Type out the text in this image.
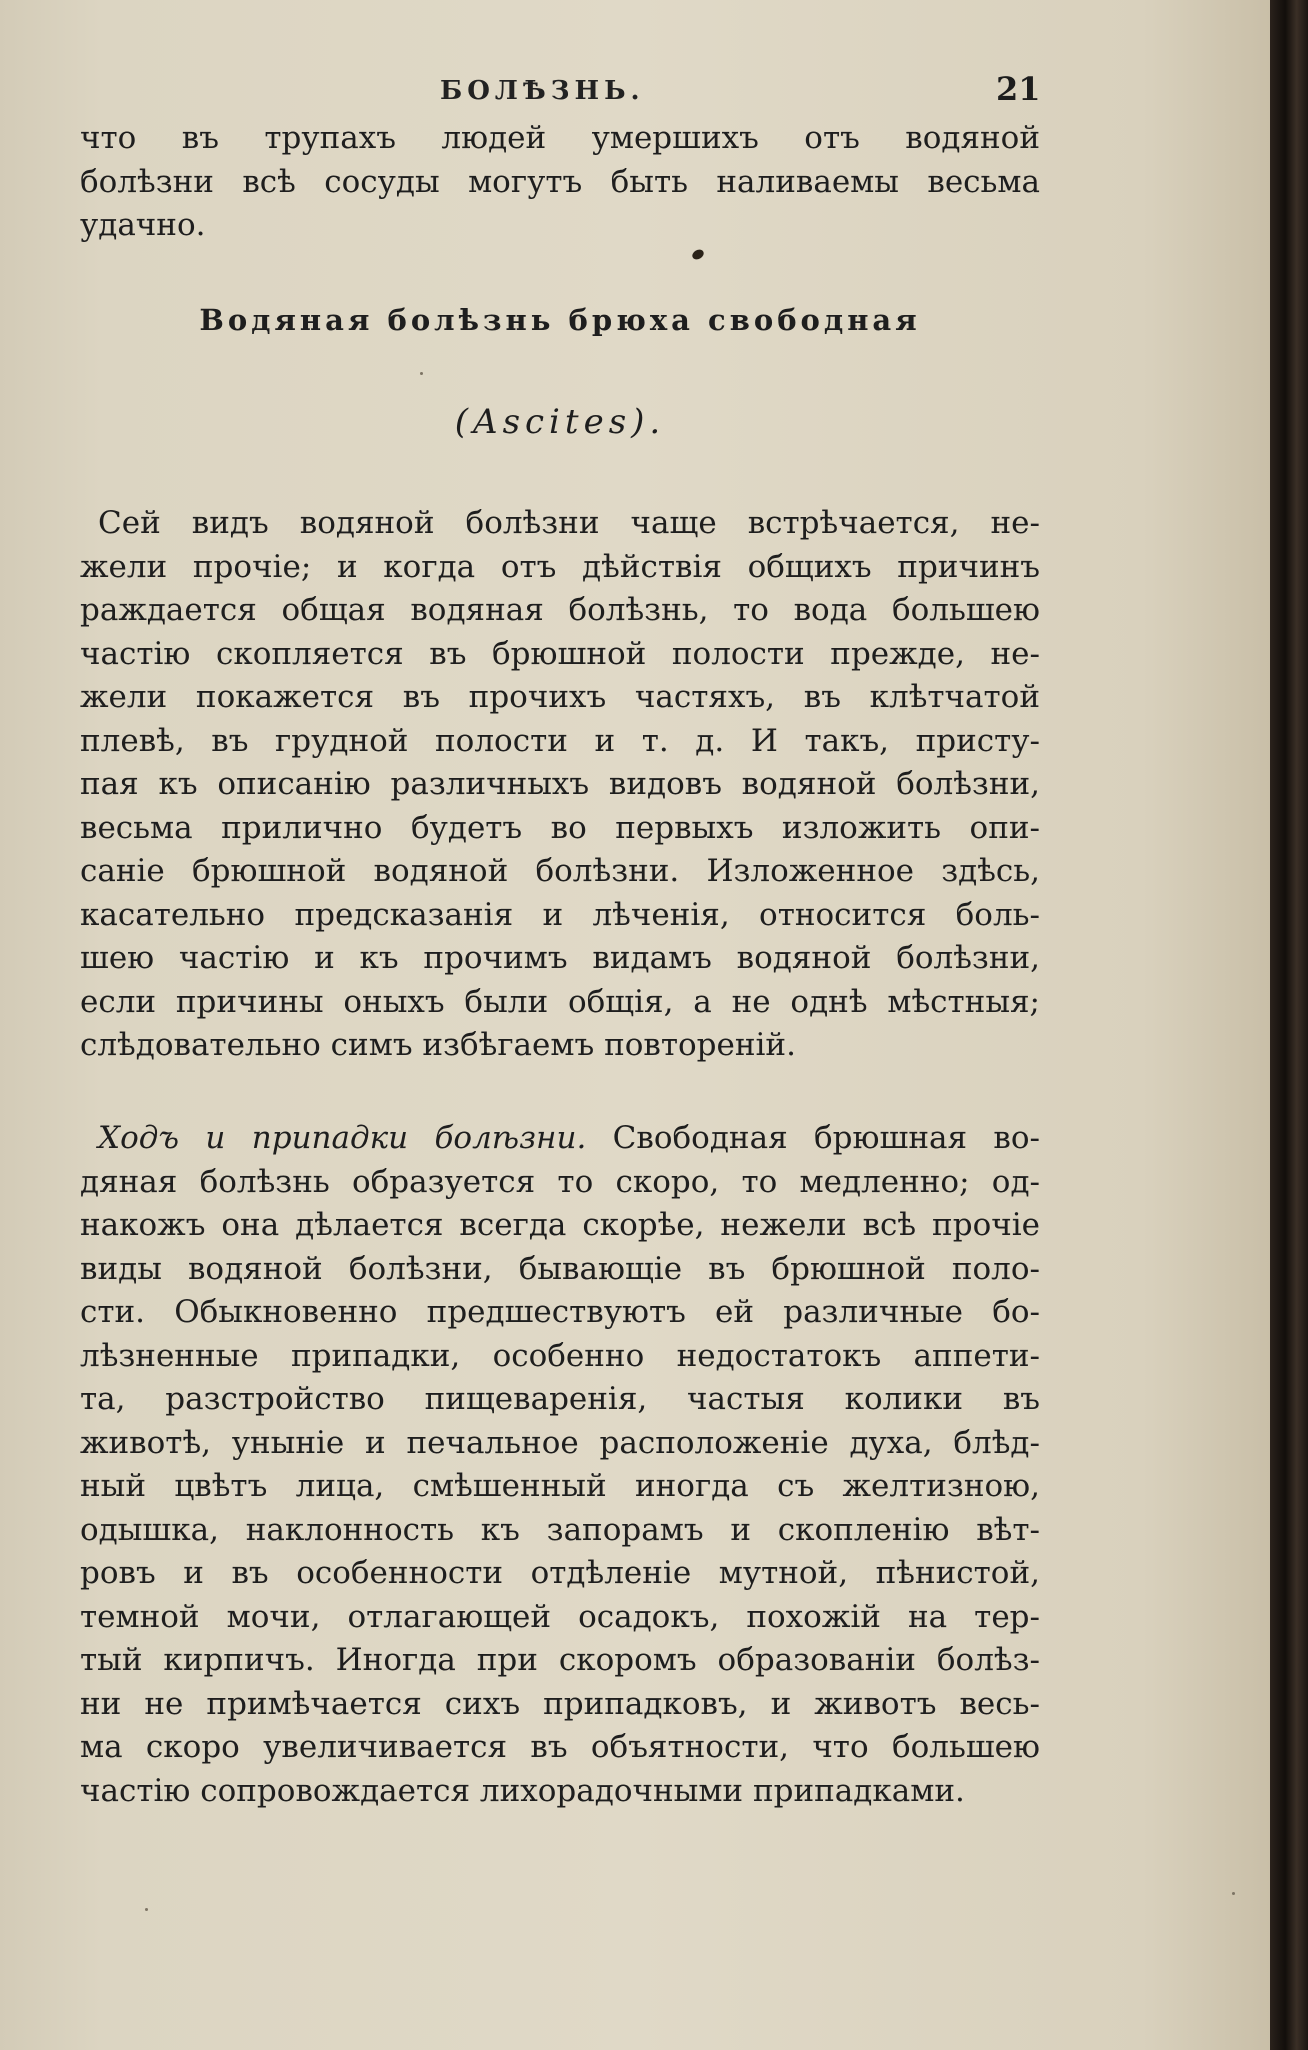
БОЛѢЗНЬ.	21
что въ трупахъ людей умершихъ отъ водяной
болѣзни всѣ сосуды могутъ быть наливаемы весьма
удачно.
Водяная болѣзнь брюха свободная
(Ascites).
Сей видъ водяной болѣзни чаще встрѣчается, не-
жели прочіе; и когда отъ дѣйствія общихъ причинъ
раждается общая водяная болѣзнь, то вода большею
частію скопляется въ брюшной полости прежде, не-
жели покажется въ прочихъ частяхъ, въ клѣтчатой
плевѣ, въ грудной полости и т. д. И такъ, присту-
пая къ описанію различныхъ видовъ водяной болѣзни,
весьма прилично будетъ во первыхъ изложить опи-
саніе брюшной водяной болѣзни. Изложенное здѣсь,
касательно предсказанія и лѣченія, относится боль-
шею частію и къ прочимъ видамъ водяной болѣзни,
если причины оныхъ были общія, а не однѣ мѣстныя;
слѣдовательно симъ избѣгаемъ повтореній.
Ходъ и припадки болѣзни. Свободная брюшная во-
дяная болѣзнь образуется то скоро, то медленно; од-
накожъ она дѣлается всегда скорѣе, нежели всѣ прочіе
виды водяной болѣзни, бывающіе въ брюшной поло-
сти. Обыкновенно предшествуютъ ей различные бо-
лѣзненные припадки, особенно недостатокъ аппети-
та, разстройство пищеваренія, частыя колики въ
животѣ, уныніе и печальное расположеніе духа, блѣд-
ный цвѣтъ лица, смѣшенный иногда съ желтизною,
одышка, наклонность къ запорамъ и скопленію вѣт-
ровъ и въ особенности отдѣленіе мутной, пѣнистой,
темной мочи, отлагающей осадокъ, похожій на тер-
тый кирпичъ. Иногда при скоромъ образованіи болѣз-
ни не примѣчается сихъ припадковъ, и животъ весь-
ма скоро увеличивается въ объятности, что большею
частію сопровождается лихорадочными припадками.
